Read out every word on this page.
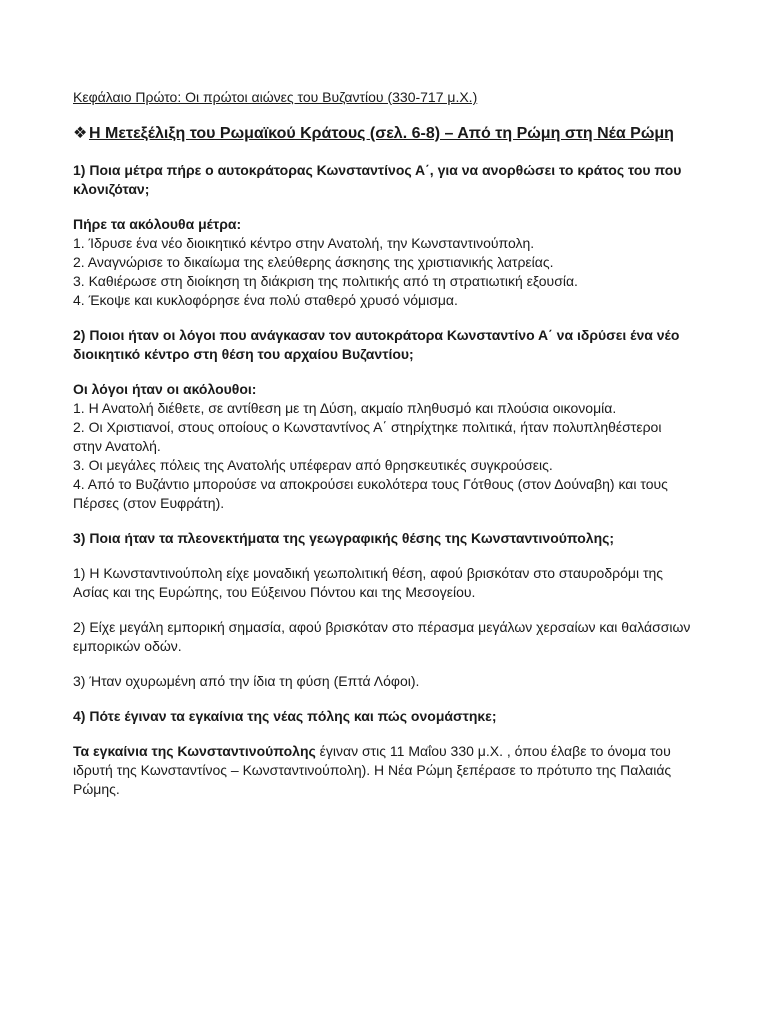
Κεφάλαιο Πρώτο: Οι πρώτοι αιώνες του Βυζαντίου (330-717 μ.Χ.)

❖ Η Μετεξέλιξη του Ρωμαϊκού Κράτους (σελ. 6-8) – Από τη Ρώμη στη Νέα Ρώμη

1) Ποια μέτρα πήρε ο αυτοκράτορας Κωνσταντίνος Α΄, για να ανορθώσει το κράτος του που κλονιζόταν;

Πήρε τα ακόλουθα μέτρα:

1. Ίδρυσε ένα νέο διοικητικό κέντρο στην Ανατολή, την Κωνσταντινούπολη.

2. Αναγνώρισε το δικαίωμα της ελεύθερης άσκησης της χριστιανικής λατρείας.

3. Καθιέρωσε στη διοίκηση τη διάκριση της πολιτικής από τη στρατιωτική εξουσία.

4. Έκοψε και κυκλοφόρησε ένα πολύ σταθερό χρυσό νόμισμα.

2) Ποιοι ήταν οι λόγοι που ανάγκασαν τον αυτοκράτορα Κωνσταντίνο Α΄ να ιδρύσει ένα νέο διοικητικό κέντρο στη θέση του αρχαίου Βυζαντίου;

Οι λόγοι ήταν οι ακόλουθοι:

1. Η Ανατολή διέθετε, σε αντίθεση με τη Δύση, ακμαίο πληθυσμό και πλούσια οικονομία.

2. Οι Χριστιανοί, στους οποίους ο Κωνσταντίνος Α΄ στηρίχτηκε πολιτικά, ήταν πολυπληθέστεροι στην Ανατολή.

3. Οι μεγάλες πόλεις της Ανατολής υπέφεραν από θρησκευτικές συγκρούσεις.

4. Από το Βυζάντιο μπορούσε να αποκρούσει ευκολότερα τους Γότθους (στον Δούναβη) και τους Πέρσες (στον Ευφράτη).

3) Ποια ήταν τα πλεονεκτήματα της γεωγραφικής θέσης της Κωνσταντινούπολης;

1) Η Κωνσταντινούπολη είχε μοναδική γεωπολιτική θέση, αφού βρισκόταν στο σταυροδρόμι της Ασίας και της Ευρώπης, του Εύξεινου Πόντου και της Μεσογείου.

2) Είχε μεγάλη εμπορική σημασία, αφού βρισκόταν στο πέρασμα μεγάλων χερσαίων και θαλάσσιων εμπορικών οδών.

3) Ήταν οχυρωμένη από την ίδια τη φύση (Επτά Λόφοι).

4) Πότε έγιναν τα εγκαίνια της νέας πόλης και πώς ονομάστηκε;

Τα εγκαίνια της Κωνσταντινούπολης έγιναν στις 11 Μαΐου 330 μ.Χ. , όπου έλαβε το όνομα του ιδρυτή της Κωνσταντίνος – Κωνσταντινούπολη). Η Νέα Ρώμη ξεπέρασε το πρότυπο της Παλαιάς Ρώμης.
